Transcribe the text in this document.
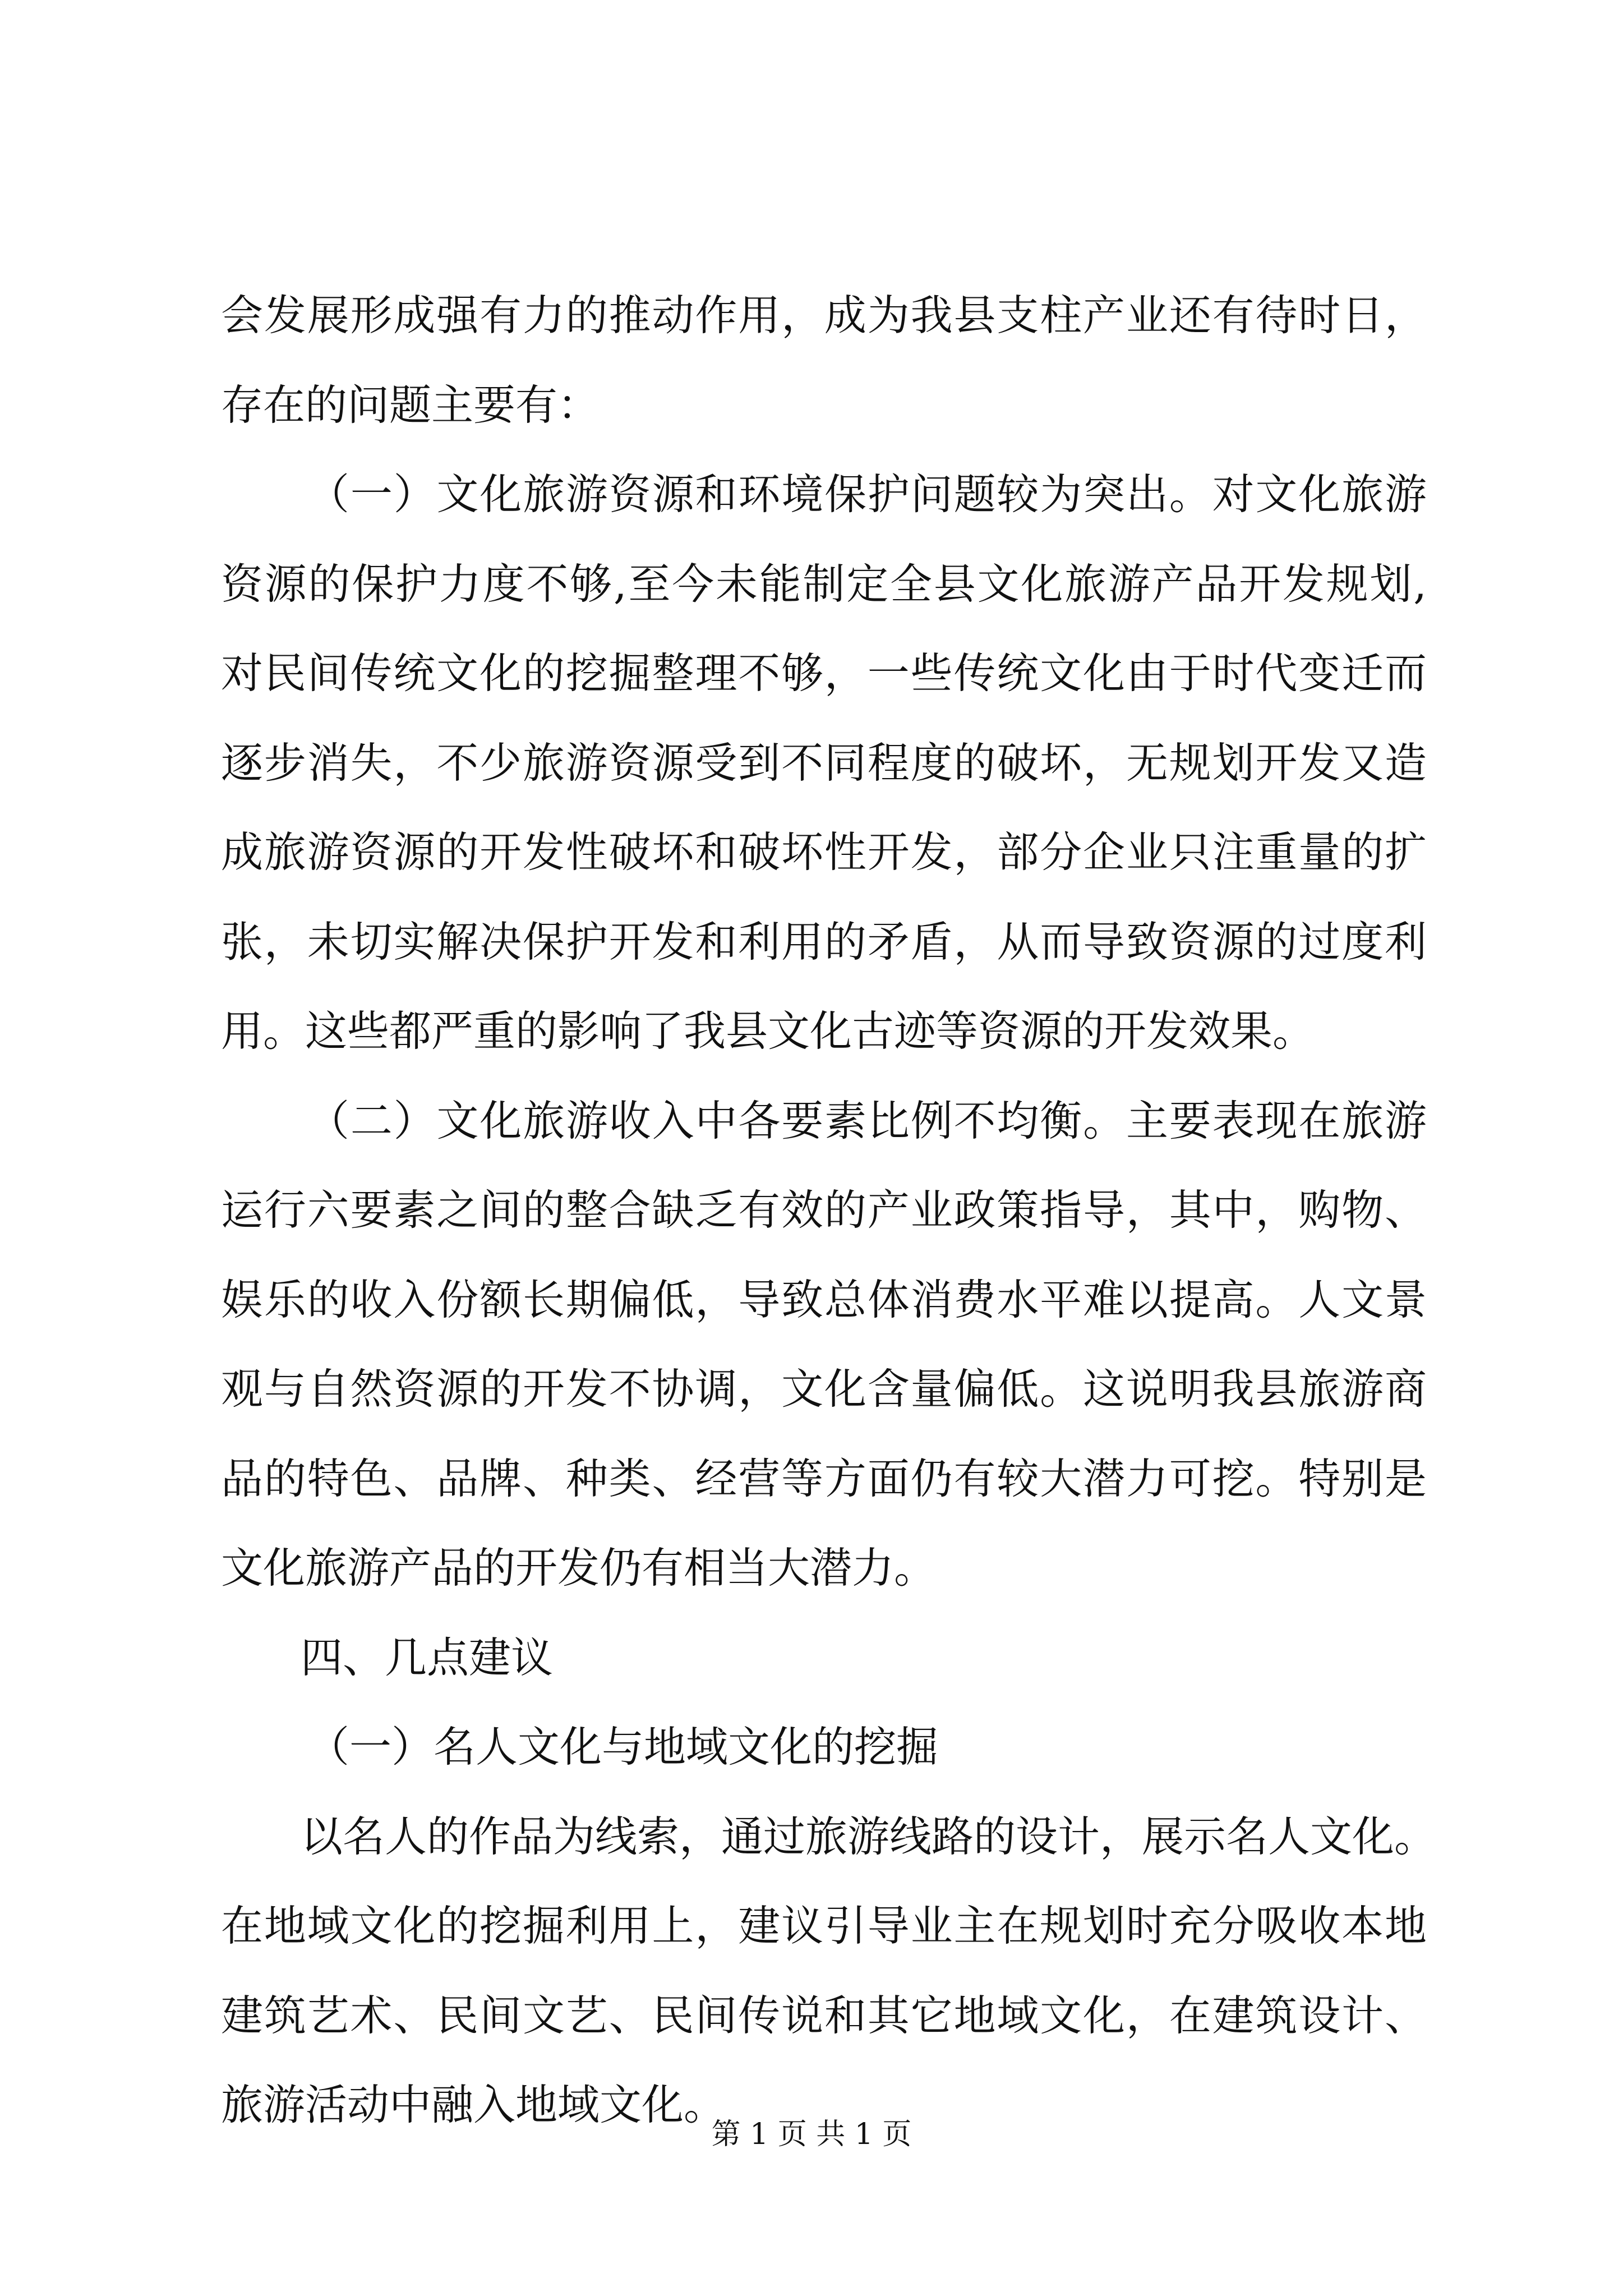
会发展形成强有力的推动作用，成为我县支柱产业还有待时日，
存在的问题主要有：
（一）文化旅游资源和环境保护问题较为突出。对文化旅游
资源的保护力度不够,至今未能制定全县文化旅游产品开发规划,
对民间传统文化的挖掘整理不够，一些传统文化由于时代变迁而
逐步消失，不少旅游资源受到不同程度的破坏，无规划开发又造
成旅游资源的开发性破坏和破坏性开发，部分企业只注重量的扩
张，未切实解决保护开发和利用的矛盾，从而导致资源的过度利
用。这些都严重的影响了我县文化古迹等资源的开发效果。
（二）文化旅游收入中各要素比例不均衡。主要表现在旅游
运行六要素之间的整合缺乏有效的产业政策指导，其中，购物、
娱乐的收入份额长期偏低，导致总体消费水平难以提高。人文景
观与自然资源的开发不协调，文化含量偏低。这说明我县旅游商
品的特色、品牌、种类、经营等方面仍有较大潜力可挖。特别是
文化旅游产品的开发仍有相当大潜力。
四、几点建议
（一）名人文化与地域文化的挖掘
以名人的作品为线索，通过旅游线路的设计，展示名人文化。
在地域文化的挖掘利用上，建议引导业主在规划时充分吸收本地
建筑艺术、民间文艺、民间传说和其它地域文化，在建筑设计、
旅游活动中融入地域文化。
第 1 页 共 1 页
